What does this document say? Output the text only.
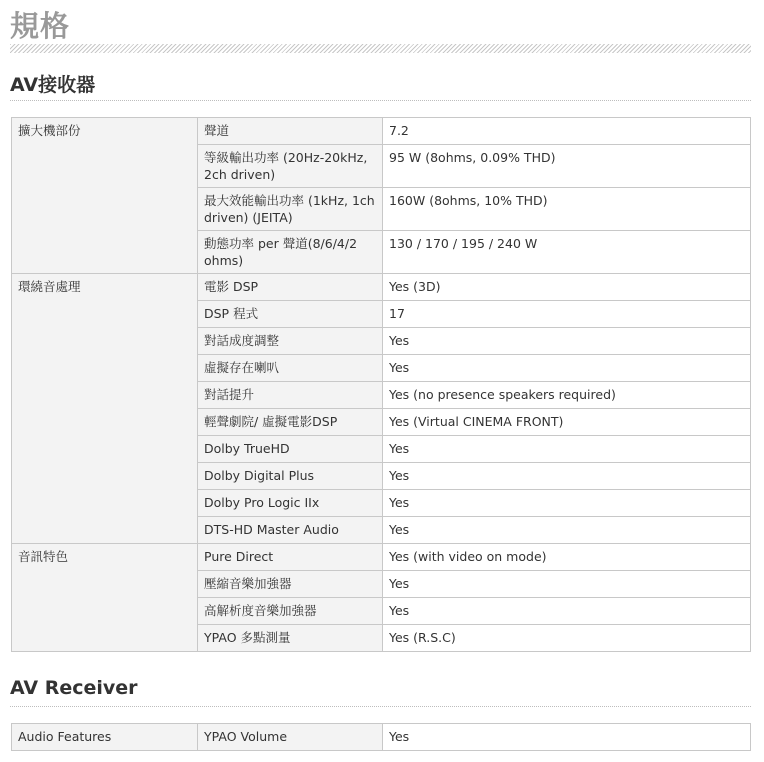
規格
AV接收器
擴大機部份	聲道	7.2
	等級輸出功率 (20Hz-20kHz, 2ch driven)	95 W (8ohms, 0.09% THD)
	最大效能輸出功率 (1kHz, 1ch driven) (JEITA)	160W (8ohms, 10% THD)
	動態功率 per 聲道(8/6/4/2 ohms)	130 / 170 / 195 / 240 W
環繞音處理	電影 DSP	Yes (3D)
	DSP 程式	17
	對話成度調整	Yes
	虛擬存在喇叭	Yes
	對話提升	Yes (no presence speakers required)
	輕聲劇院/ 虛擬電影DSP	Yes (Virtual CINEMA FRONT)
	Dolby TrueHD	Yes
	Dolby Digital Plus	Yes
	Dolby Pro Logic IIx	Yes
	DTS-HD Master Audio	Yes
音訊特色	Pure Direct	Yes (with video on mode)
	壓縮音樂加強器	Yes
	高解析度音樂加強器	Yes
	YPAO 多點測量	Yes (R.S.C)
AV Receiver
Audio Features	YPAO Volume	Yes
